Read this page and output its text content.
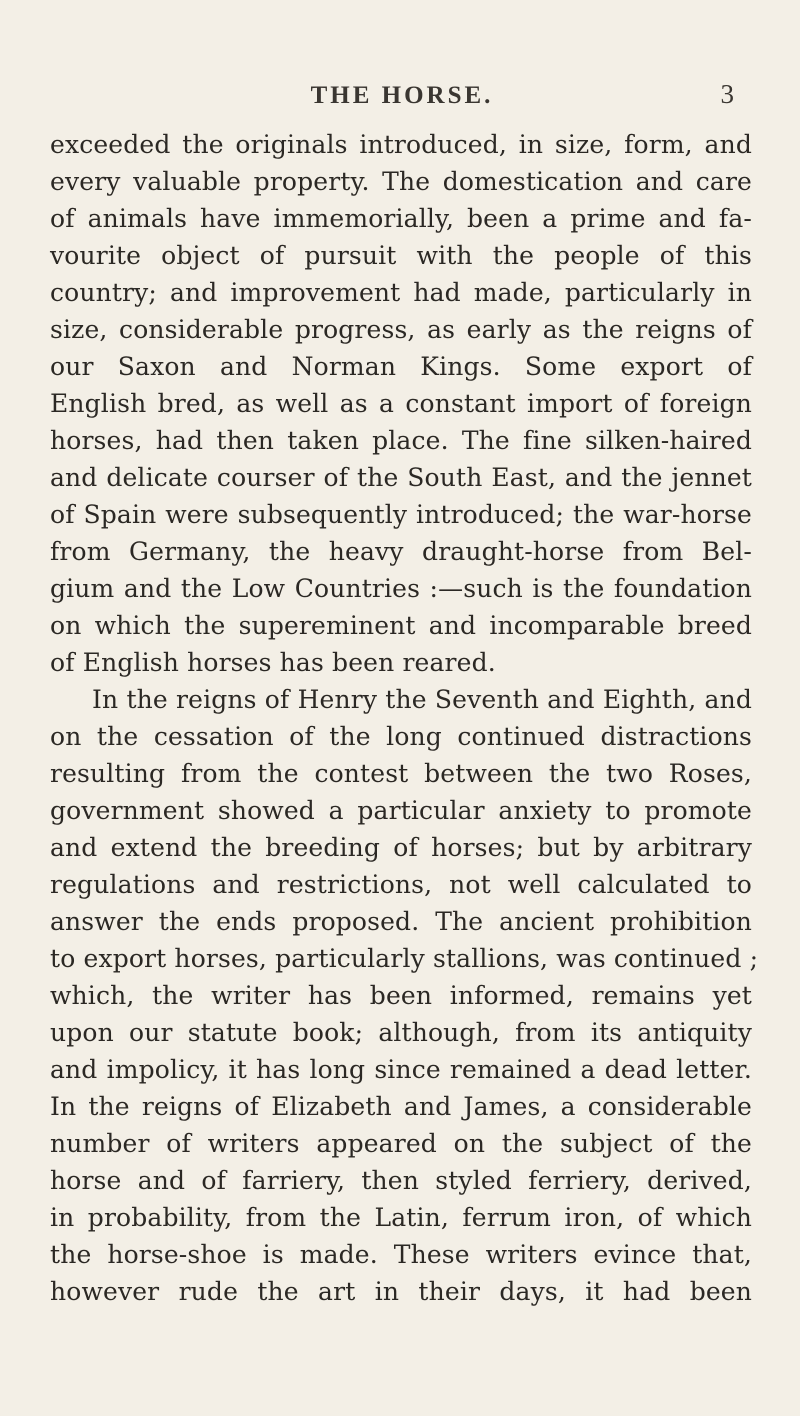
THE HORSE.	3
exceeded the originals introduced, in size, form, and
every valuable property. The domestication and care
of animals have immemorially, been a prime and fa-
vourite object of pursuit with the people of this
country; and improvement had made, particularly in
size, considerable progress, as early as the reigns of
our Saxon and Norman Kings. Some export of
English bred, as well as a constant import of foreign
horses, had then taken place. The fine silken-haired
and delicate courser of the South East, and the jennet
of Spain were subsequently introduced; the war-horse
from Germany, the heavy draught-horse from Bel-
gium and the Low Countries :—such is the foundation
on which the supereminent and incomparable breed
of English horses has been reared.
In the reigns of Henry the Seventh and Eighth, and
on the cessation of the long continued distractions
resulting from the contest between the two Roses,
government showed a particular anxiety to promote
and extend the breeding of horses; but by arbitrary
regulations and restrictions, not well calculated to
answer the ends proposed. The ancient prohibition
to export horses, particularly stallions, was continued ;
which, the writer has been informed, remains yet
upon our statute book; although, from its antiquity
and impolicy, it has long since remained a dead letter.
In the reigns of Elizabeth and James, a considerable
number of writers appeared on the subject of the
horse and of farriery, then styled ferriery, derived,
in probability, from the Latin, ferrum iron, of which
the horse-shoe is made. These writers evince that,
however rude the art in their days, it had been
